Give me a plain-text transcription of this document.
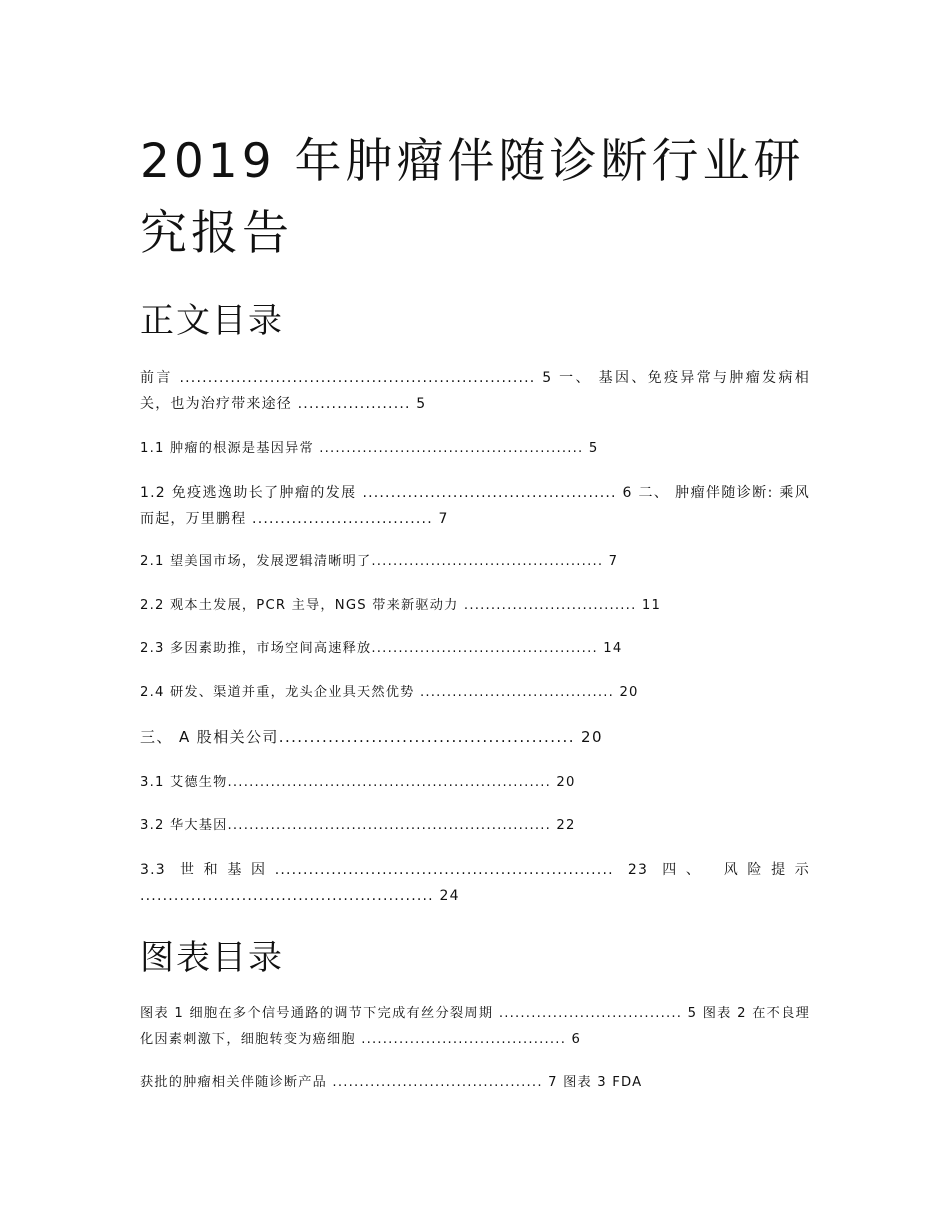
2019 年肿瘤伴随诊断行业研究报告
正文目录

前言 ............................................................... 5 一、 基因、免疫异常与肿瘤发病相关，也为治疗带来途径 .................... 5

1.1 肿瘤的根源是基因异常 ................................................. 5

1.2 免疫逃逸助长了肿瘤的发展 ............................................. 6 二、 肿瘤伴随诊断: 乘风而起，万里鹏程 ................................ 7

2.1 望美国市场，发展逻辑清晰明了........................................... 7

2.2 观本土发展，PCR 主导，NGS 带来新驱动力 ................................ 11

2.3 多因素助推，市场空间高速释放.......................................... 14

2.4 研发、渠道并重，龙头企业具天然优势 .................................... 20

三、 A 股相关公司................................................ 20

3.1 艾德生物............................................................ 20

3.2 华大基因............................................................ 22

3.3 世和基因............................................................ 23 四、 风险提示 .................................................... 24

图表目录

图表 1 细胞在多个信号通路的调节下完成有丝分裂周期 .................................. 5 图表 2 在不良理化因素刺激下，细胞转变为癌细胞 ...................................... 6

获批的肿瘤相关伴随诊断产品 ....................................... 7 图表 3 FDA
